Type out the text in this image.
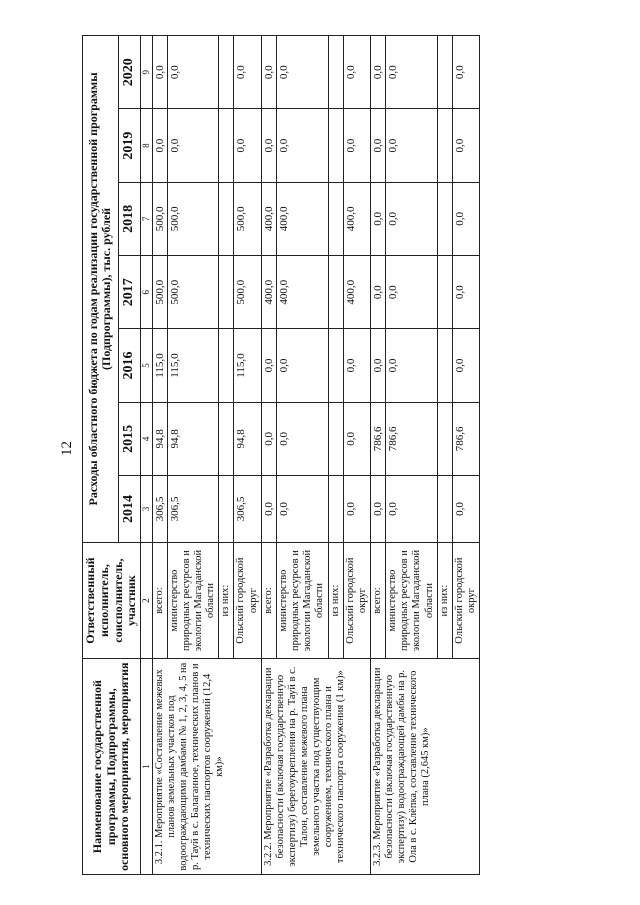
12
Наименование государственной программы, Подпрограммы, основного мероприятия, мероприятия	Ответственный исполнитель, соисполнитель, участник	Расходы областного бюджета по годам реализации государственной программы (Подпрограммы), тыс. рублей						
		2014	2015	2016	2017	2018	2019	2020
1	2	3	4	5	6	7	8	9
3.2.1. Мероприятие «Составление межевых планов земельных участков под водоограждающими дамбами № 1, 2, 3, 4, 5 на р. Тауй в с. Балаганное, технических планов и технических паспортов сооружений (12,4 км)»	всего:	306,5	94,8	115,0	500,0	500,0	0,0	0,0
	министерство природных ресурсов и экологии Магаданской области	306,5	94,8	115,0	500,0	500,0	0,0	0,0
	из них:							
	Ольский городской округ	306,5	94,8	115,0	500,0	500,0	0,0	0,0
3.2.2. Мероприятие «Разработка декларации безопасности (включая государственную экспертизу) берегоукрепления на р. Тауй в с. Талон, составление межевого плана земельного участка под существующим сооружением, технического плана и технического паспорта сооружения (1 км)»	всего:	0,0	0,0	0,0	400,0	400,0	0,0	0,0
	министерство природных ресурсов и экологии Магаданской области	0,0	0,0	0,0	400,0	400,0	0,0	0,0
	из них:							
	Ольский городской округ	0,0	0,0	0,0	400,0	400,0	0,0	0,0
3.2.3. Мероприятие «Разработка декларации безопасности (включая государственную экспертизу) водоограждающей дамбы на р. Ола в с. Клёпка, составление технического плана (2,645 км)»	всего:	0,0	786,6	0,0	0,0	0,0	0,0	0,0
	министерство природных ресурсов и экологии Магаданской области	0,0	786,6	0,0	0,0	0,0	0,0	0,0
	из них:							
	Ольский городской округ	0,0	786,6	0,0	0,0	0,0	0,0	0,0
